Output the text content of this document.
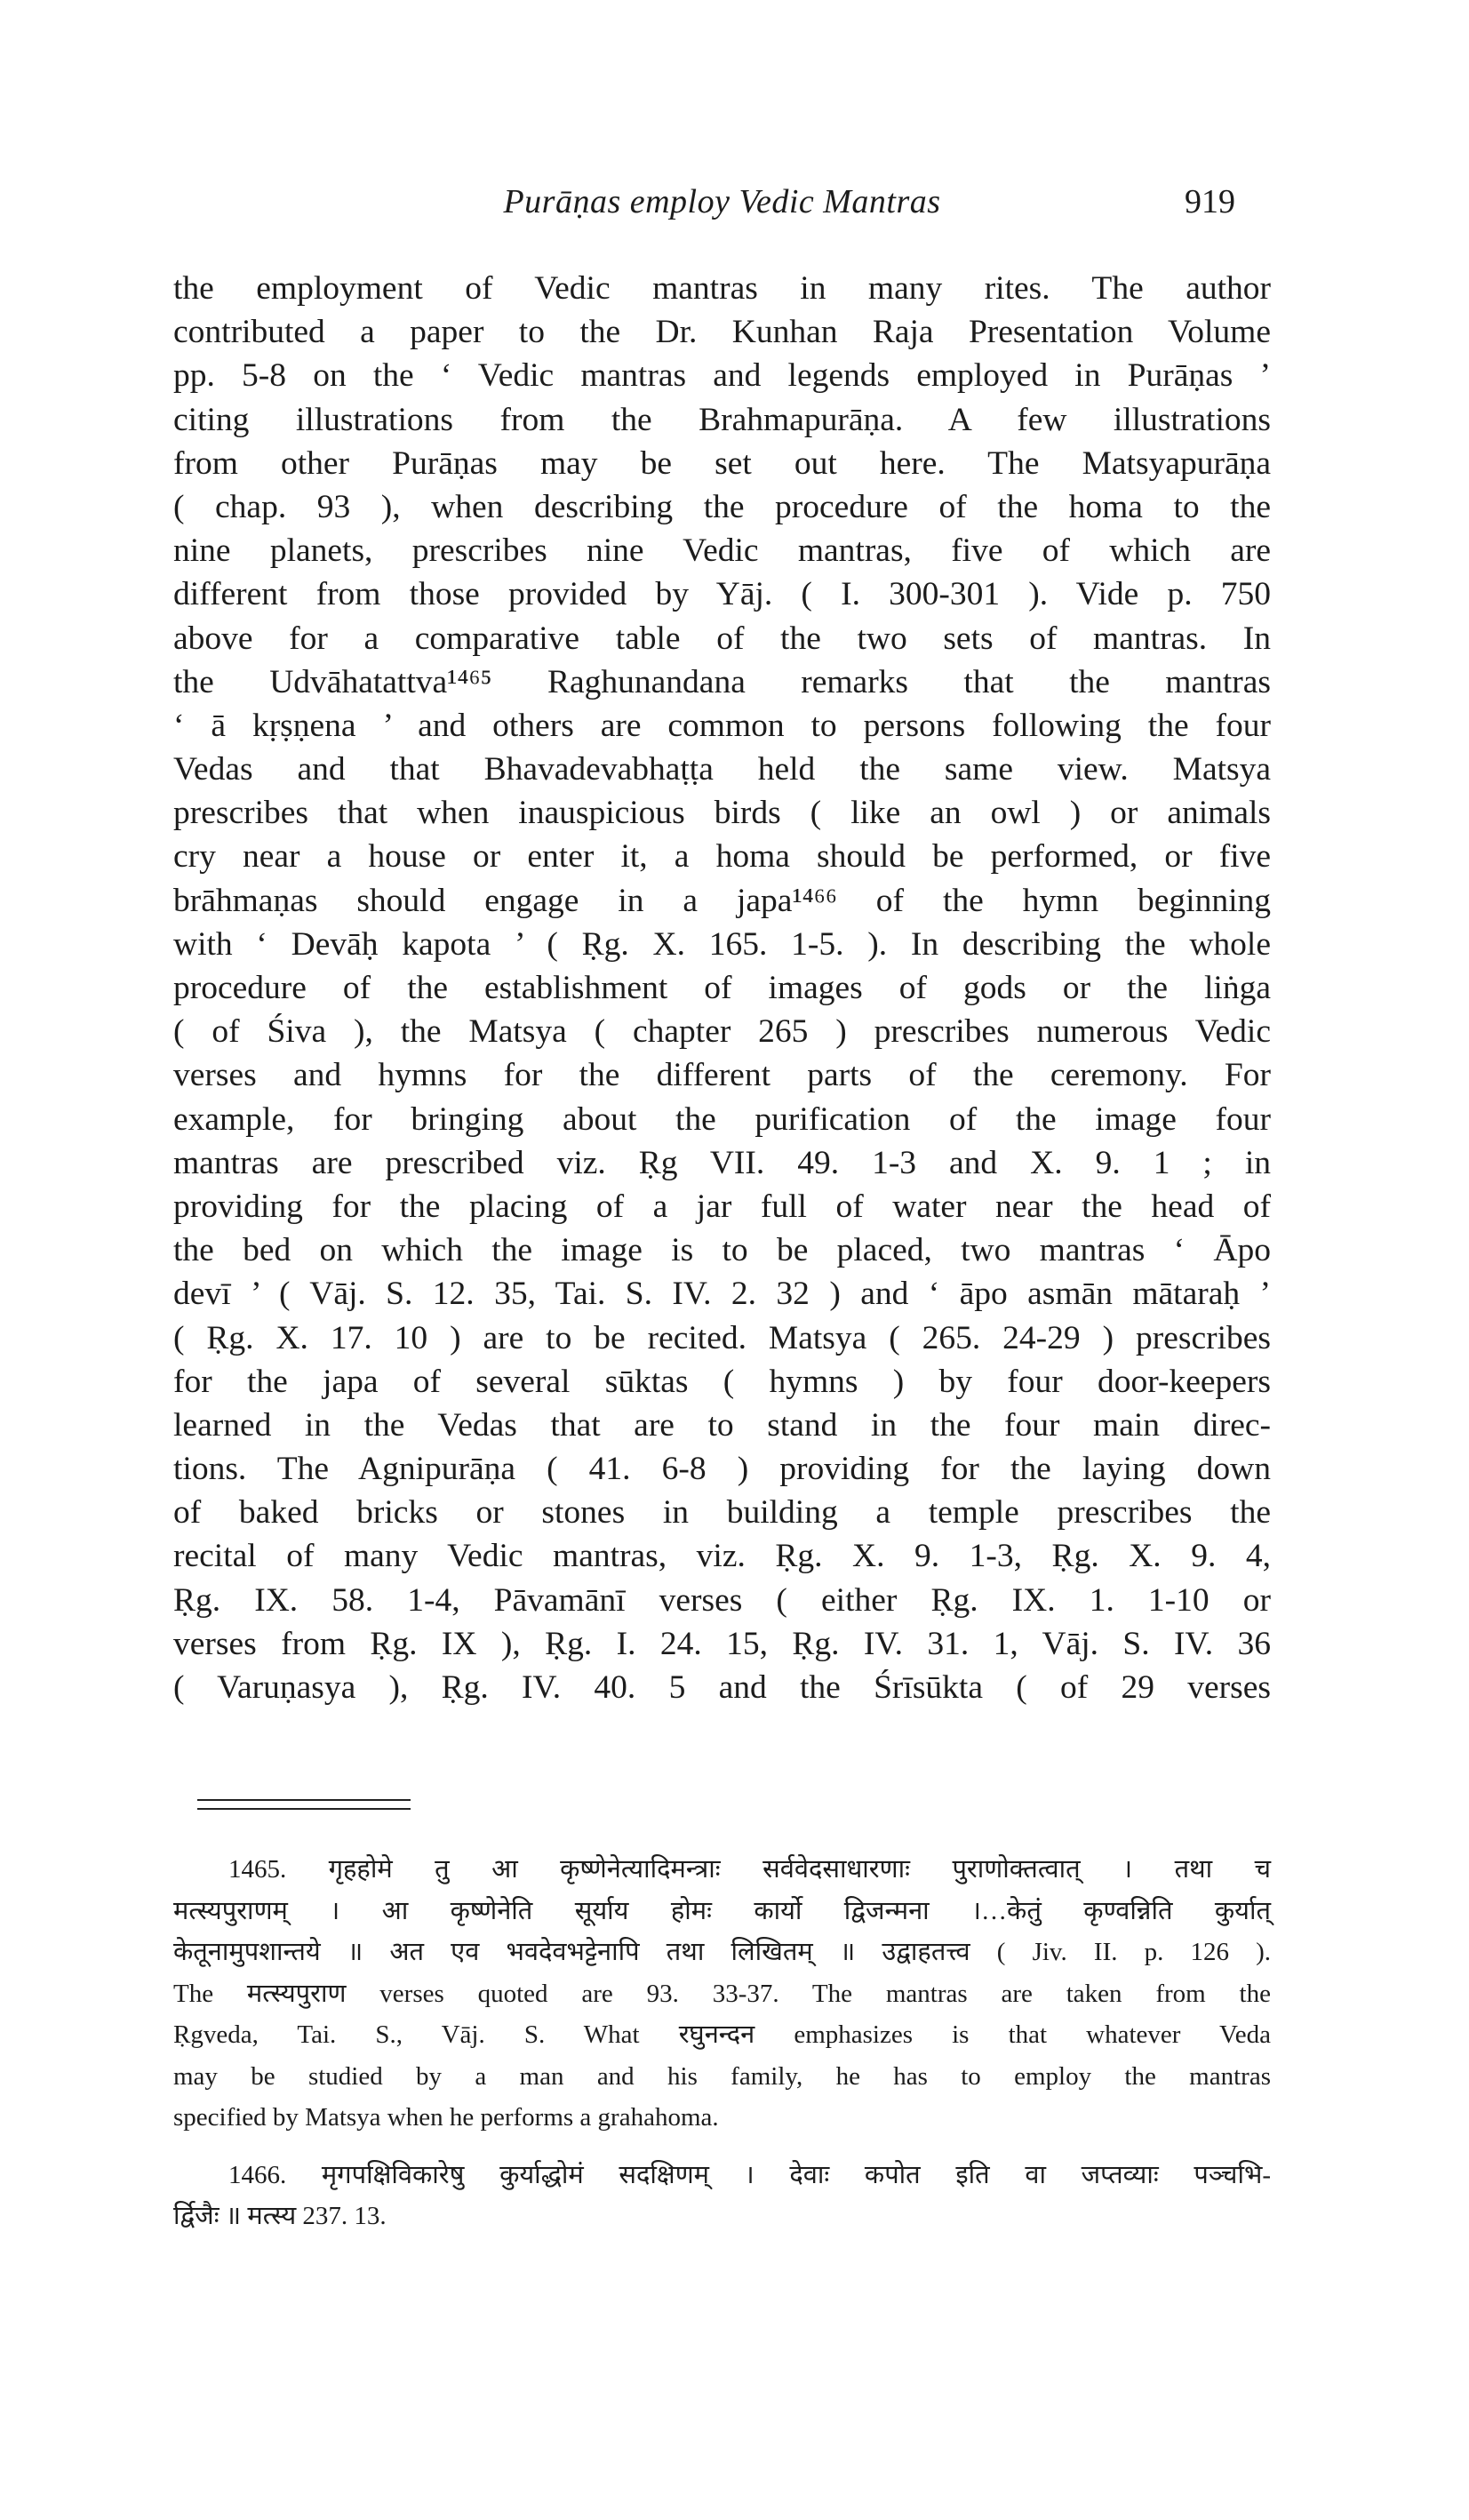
Purāṇas employ Vedic Mantras	919
the employment of Vedic mantras in many rites. The author
contributed a paper to the Dr. Kunhan Raja Presentation Volume
pp. 5-8 on the ‘ Vedic mantras and legends employed in Purāṇas ’
citing illustrations from the Brahmapurāṇa. A few illustrations
from other Purāṇas may be set out here. The Matsyapurāṇa
( chap. 93 ), when describing the procedure of the homa to the
nine planets, prescribes nine Vedic mantras, five of which are
different from those provided by Yāj. ( I. 300-301 ). Vide p. 750
above for a comparative table of the two sets of mantras. In
the Udvāhatattva¹⁴⁶⁵ Raghunandana remarks that the mantras
‘ ā kṛṣṇena ’ and others are common to persons following the four
Vedas and that Bhavadevabhaṭṭa held the same view. Matsya
prescribes that when inauspicious birds ( like an owl ) or animals
cry near a house or enter it, a homa should be performed, or five
brāhmaṇas should engage in a japa¹⁴⁶⁶ of the hymn beginning
with ‘ Devāḥ kapota ’ ( Ṛg. X. 165. 1-5. ). In describing the whole
procedure of the establishment of images of gods or the liṅga
( of Śiva ), the Matsya ( chapter 265 ) prescribes numerous Vedic
verses and hymns for the different parts of the ceremony. For
example, for bringing about the purification of the image four
mantras are prescribed viz. Ṛg VII. 49. 1-3 and X. 9. 1 ; in
providing for the placing of a jar full of water near the head of
the bed on which the image is to be placed, two mantras ‘ Āpo
devī ’ ( Vāj. S. 12. 35, Tai. S. IV. 2. 32 ) and ‘ āpo asmān mātaraḥ ’
( Ṛg. X. 17. 10 ) are to be recited. Matsya ( 265. 24-29 ) prescribes
for the japa of several sūktas ( hymns ) by four door-keepers
learned in the Vedas that are to stand in the four main direc-
tions. The Agnipurāṇa ( 41. 6-8 ) providing for the laying down
of baked bricks or stones in building a temple prescribes the
recital of many Vedic mantras, viz. Ṛg. X. 9. 1-3, Ṛg. X. 9. 4,
Ṛg. IX. 58. 1-4, Pāvamānī verses ( either Ṛg. IX. 1. 1-10 or
verses from Ṛg. IX ), Ṛg. I. 24. 15, Ṛg. IV. 31. 1, Vāj. S. IV. 36
( Varuṇasya ), Ṛg. IV. 40. 5 and the Śrīsūkta ( of 29 verses
1465. गृहहोमे तु आ कृष्णेनेत्यादिमन्त्राः सर्ववेदसाधारणाः पुराणोक्तत्वात् । तथा च
मत्स्यपुराणम् । आ कृष्णेनेति सूर्याय होमः कार्यो द्विजन्मना ।…केतुं कृण्वन्निति कुर्यात्
केतूनामुपशान्तये ॥ अत एव भवदेवभट्टेनापि तथा लिखितम् ॥ उद्वाहतत्त्व ( Jiv. II. p. 126 ).
The मत्स्यपुराण verses quoted are 93. 33-37. The mantras are taken from the
Ṛgveda, Tai. S., Vāj. S. What रघुनन्दन emphasizes is that whatever Veda
may be studied by a man and his family, he has to employ the mantras
specified by Matsya when he performs a grahahoma.
1466. मृगपक्षिविकारेषु कुर्याद्धोमं सदक्षिणम् । देवाः कपोत इति वा जप्तव्याः पञ्चभि-
र्द्विजैः ॥ मत्स्य 237. 13.
